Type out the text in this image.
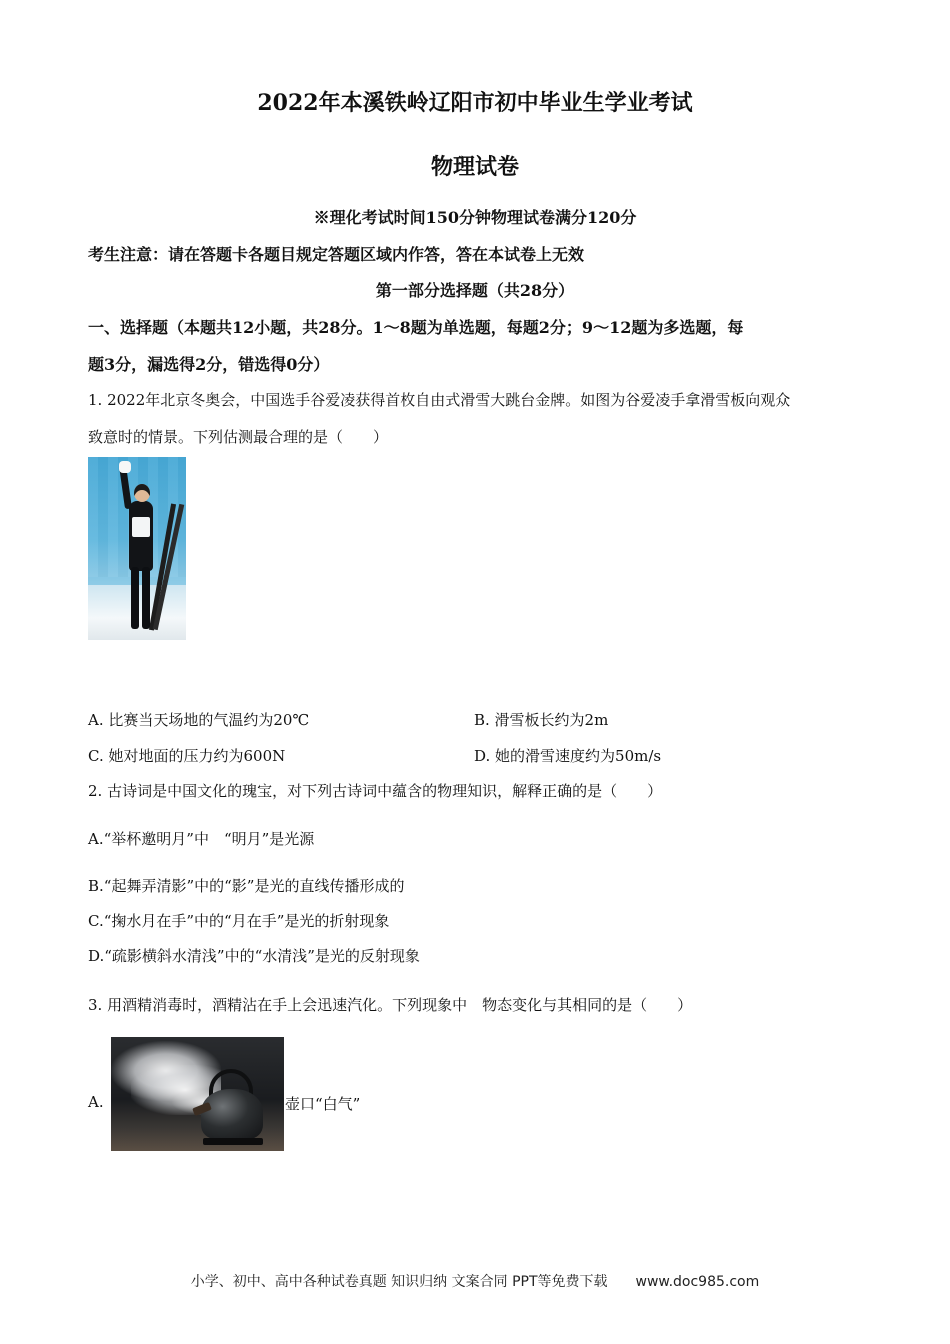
2022年本溪铁岭辽阳市初中毕业生学业考试
物理试卷
※理化考试时间150分钟物理试卷满分120分
考生注意：请在答题卡各题目规定答题区域内作答，答在本试卷上无效
第一部分选择题（共28分）
一、选择题（本题共12小题，共28分。1～8题为单选题，每题2分；9～12题为多选题，每
题3分，漏选得2分，错选得0分）
1. 2022年北京冬奥会，中国选手谷爱凌获得首枚自由式滑雪大跳台金牌。如图为谷爱凌手拿滑雪板向观众
致意时的情景。下列估测最合理的是（　　）
A. 比赛当天场地的气温约为20℃	B. 滑雪板长约为2m
C. 她对地面的压力约为600N	D. 她的滑雪速度约为50m/s
2. 古诗词是中国文化的瑰宝，对下列古诗词中蕴含的物理知识，解释正确的是（　　）
A.“举杯邀明月”中　“明月”是光源
B.“起舞弄清影”中的“影”是光的直线传播形成的
C.“掬水月在手”中的“月在手”是光的折射现象
D.“疏影横斜水清浅”中的“水清浅”是光的反射现象
3. 用酒精消毒时，酒精沾在手上会迅速汽化。下列现象中　物态变化与其相同的是（　　）
A.	壶口“白气”
小学、初中、高中各种试卷真题 知识归纳 文案合同 PPT等免费下载　　www.doc985.com
